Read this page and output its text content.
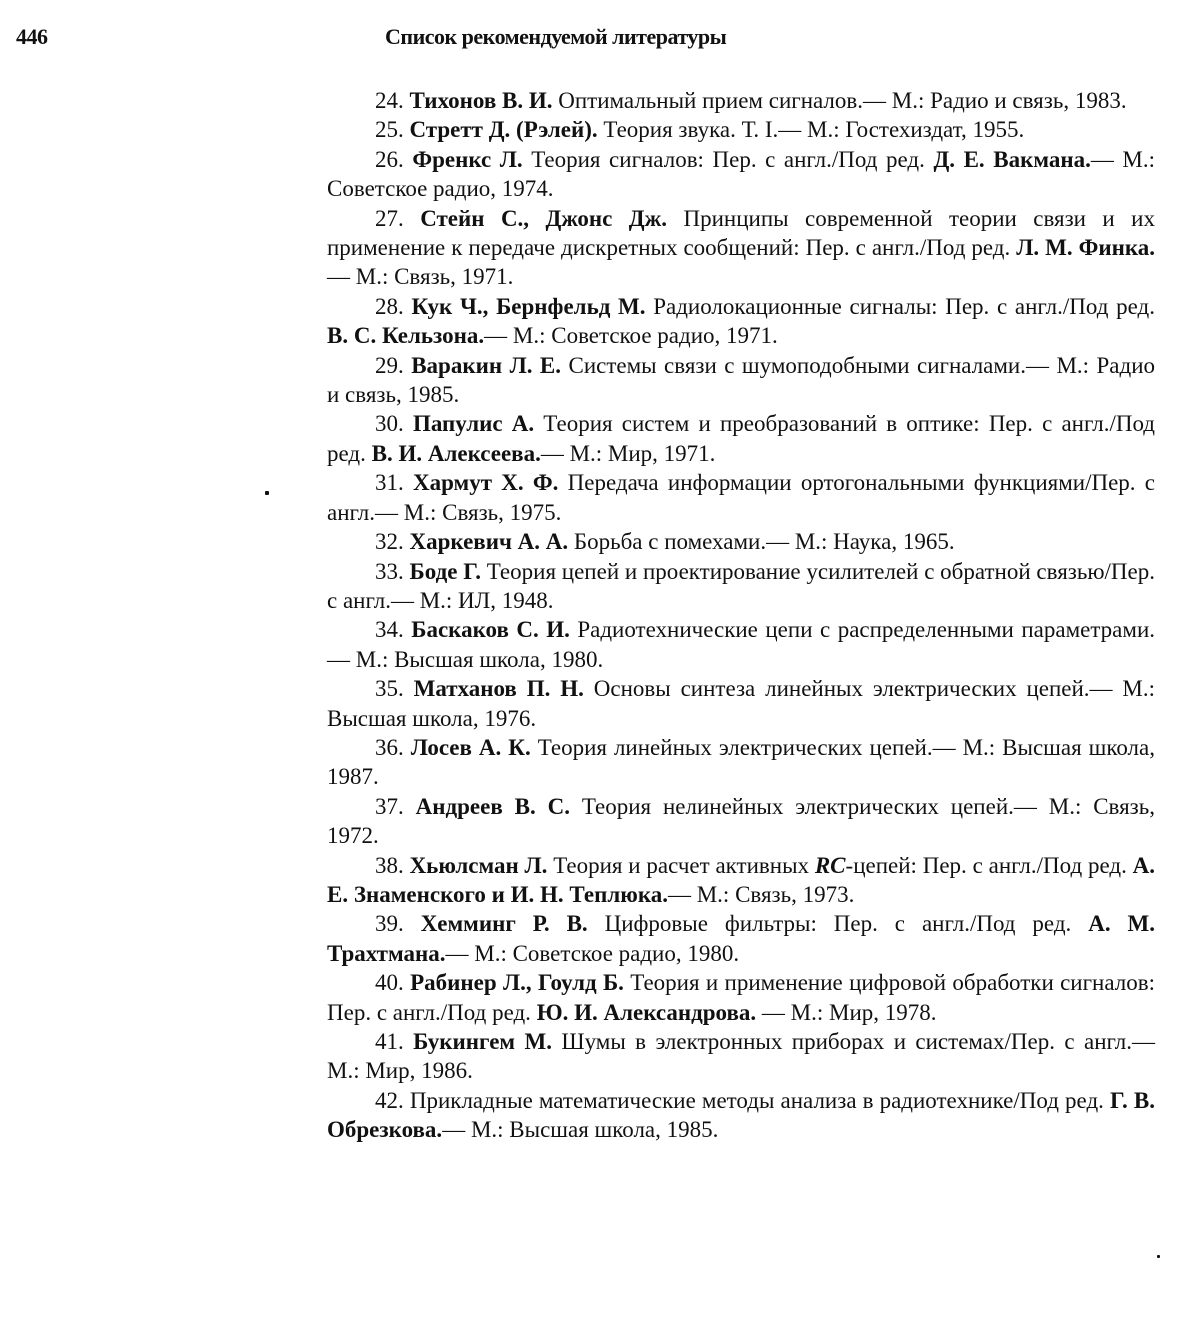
446	Список рекомендуемой литературы

24. Тихонов В. И. Оптимальный прием сигналов.— М.: Радио и связь, 1983.

25. Стретт Д. (Рэлей). Теория звука. Т. I.— М.: Гостехиздат, 1955.

26. Френкс Л. Теория сигналов: Пер. с англ./Под ред. Д. Е. Вакмана.— М.: Советское радио, 1974.

27. Стейн С., Джонс Дж. Принципы современной теории связи и их применение к передаче дискретных сообщений: Пер. с англ./Под ред. Л. М. Финка.— М.: Связь, 1971.

28. Кук Ч., Бернфельд М. Радиолокационные сигналы: Пер. с англ./Под ред. В. С. Кельзона.— М.: Советское радио, 1971.

29. Варакин Л. Е. Системы связи с шумоподобными сигналами.— М.: Радио и связь, 1985.

30. Папулис А. Теория систем и преобразований в оптике: Пер. с англ./Под ред. В. И. Алексеева.— М.: Мир, 1971.

31. Хармут Х. Ф. Передача информации ортогональными функциями/Пер. с англ.— М.: Связь, 1975.

32. Харкевич А. А. Борьба с помехами.— М.: Наука, 1965.

33. Боде Г. Теория цепей и проектирование усилителей с обратной связью/Пер. с англ.— М.: ИЛ, 1948.

34. Баскаков С. И. Радиотехнические цепи с распределенными параметрами.— М.: Высшая школа, 1980.

35. Матханов П. Н. Основы синтеза линейных электрических цепей.— М.: Высшая школа, 1976.

36. Лосев А. К. Теория линейных электрических цепей.— М.: Высшая школа, 1987.

37. Андреев В. С. Теория нелинейных электрических цепей.— М.: Связь, 1972.

38. Хьюлсман Л. Теория и расчет активных RC-цепей: Пер. с англ./Под ред. А. Е. Знаменского и И. Н. Теплюка.— М.: Связь, 1973.

39. Хемминг Р. В. Цифровые фильтры: Пер. с англ./Под ред. А. М. Трахтмана.— М.: Советское радио, 1980.

40. Рабинер Л., Гоулд Б. Теория и применение цифровой обработки сигналов: Пер. с англ./Под ред. Ю. И. Александрова. — М.: Мир, 1978.

41. Букингем М. Шумы в электронных приборах и системах/Пер. с англ.— М.: Мир, 1986.

42. Прикладные математические методы анализа в радиотехнике/Под ред. Г. В. Обрезкова.— М.: Высшая школа, 1985.
